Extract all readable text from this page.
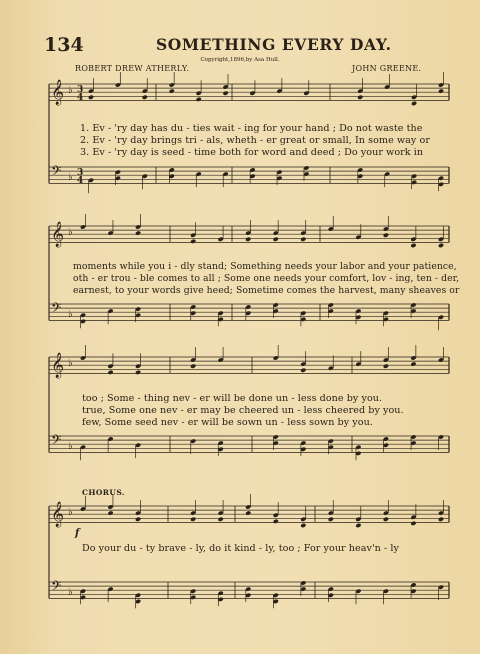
134	SOMETHING EVERY DAY.
Copyright,1896,by Asa Hull.
ROBERT DREW ATHERLY.	JOHN GREENE.
𝄞 ♭ 3
4
𝄢 ♭ 3
4
𝄞 ♭
𝄢 ♭
𝄞 ♭
𝄢 ♭
𝄞 ♭
𝄢 ♭
1. Ev - 'ry day has du - ties wait - ing for your hand ; Do not waste the
2. Ev - 'ry day brings tri - als, wheth - er great or small, In some way or
3. Ev - 'ry day is seed - time both for word and deed ; Do your work in
moments while you i - dly stand; Something needs your labor and your patience,
oth - er trou - ble comes to all ; Some one needs your comfort, lov - ing, ten - der,
earnest, to your words give heed; Sometime comes the harvest, many sheaves or
too ; Some - thing nev - er will be done un - less done by you.
true, Some one nev - er may be cheered un - less cheered by you.
few, Some seed nev - er will be sown un - less sown by you.
CHORUS.
f
Do your du - ty brave - ly, do it kind - ly, too ; For your heav'n - ly
